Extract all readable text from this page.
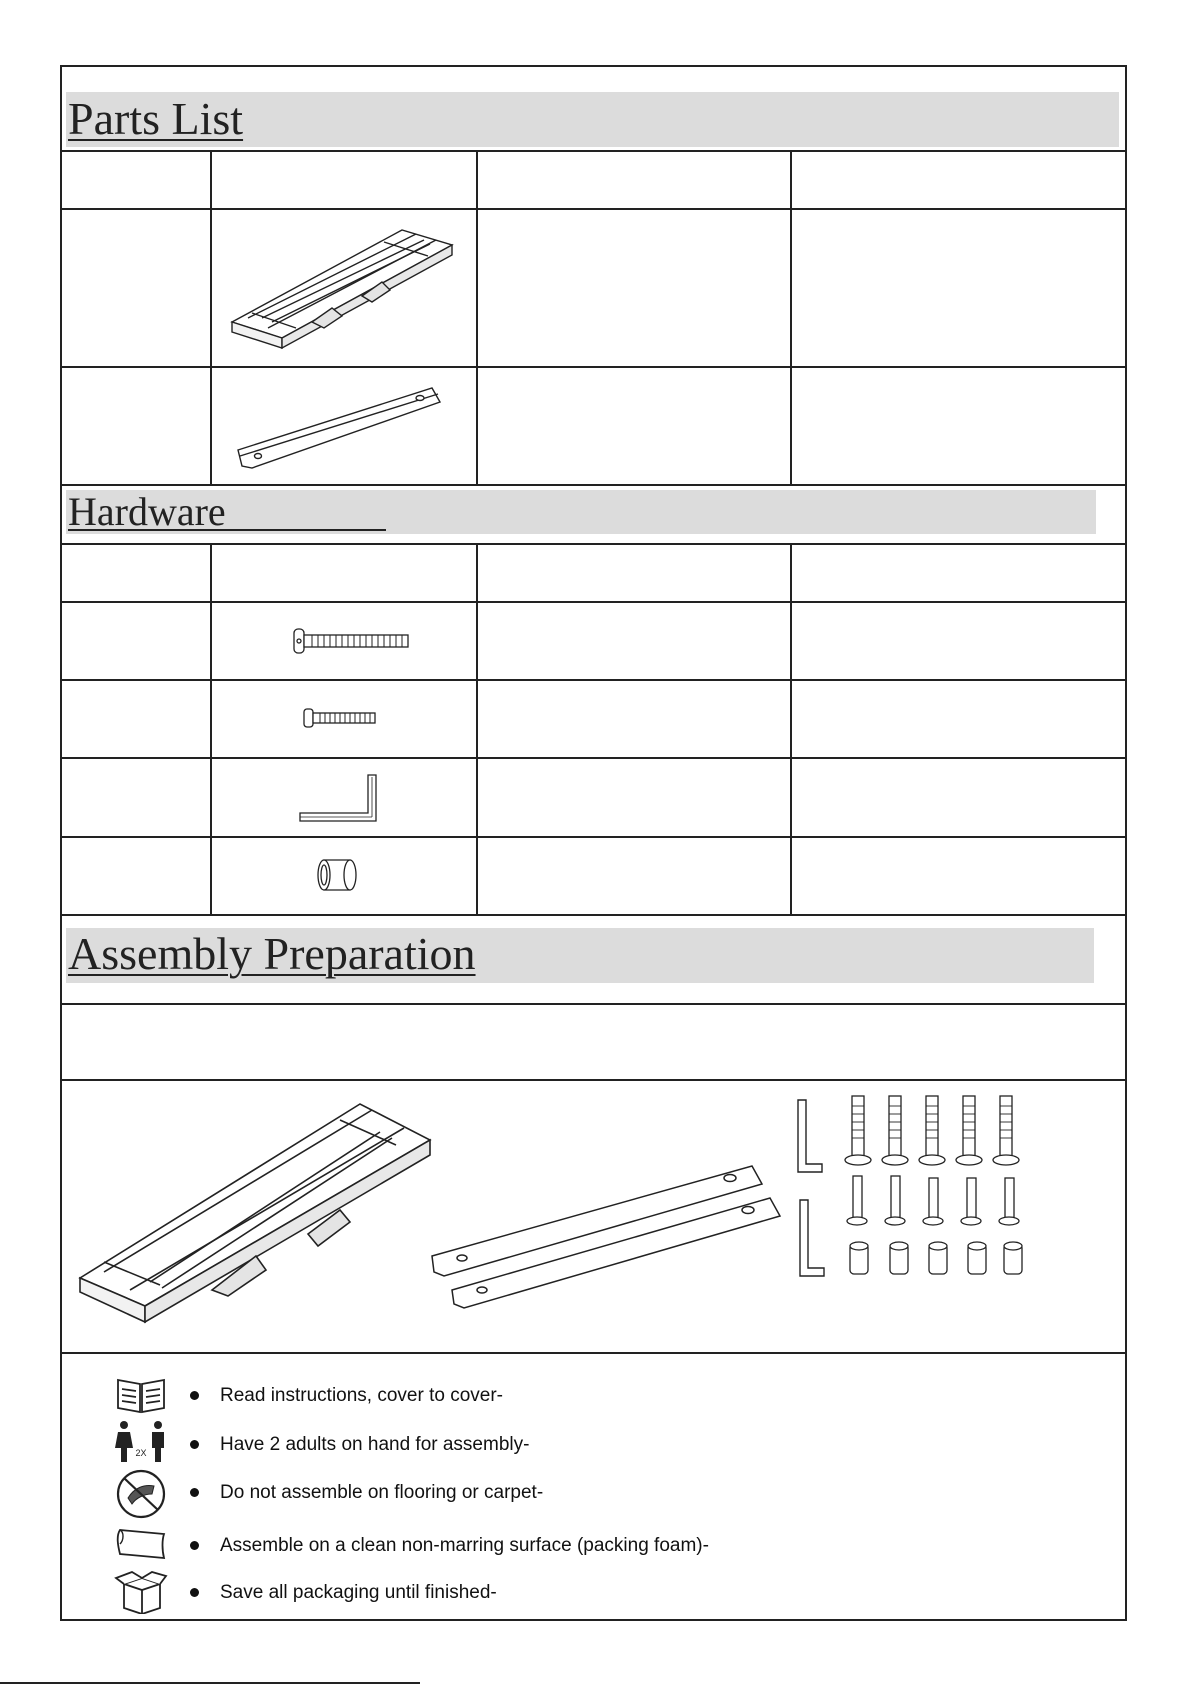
Parts List
Hardware
Assembly Preparation
Read instructions, cover to cover-
2X	Have 2 adults on hand for assembly-
Do not assemble on flooring or carpet-
Assemble on a clean non-marring surface (packing foam)-
Save all packaging until finished-
